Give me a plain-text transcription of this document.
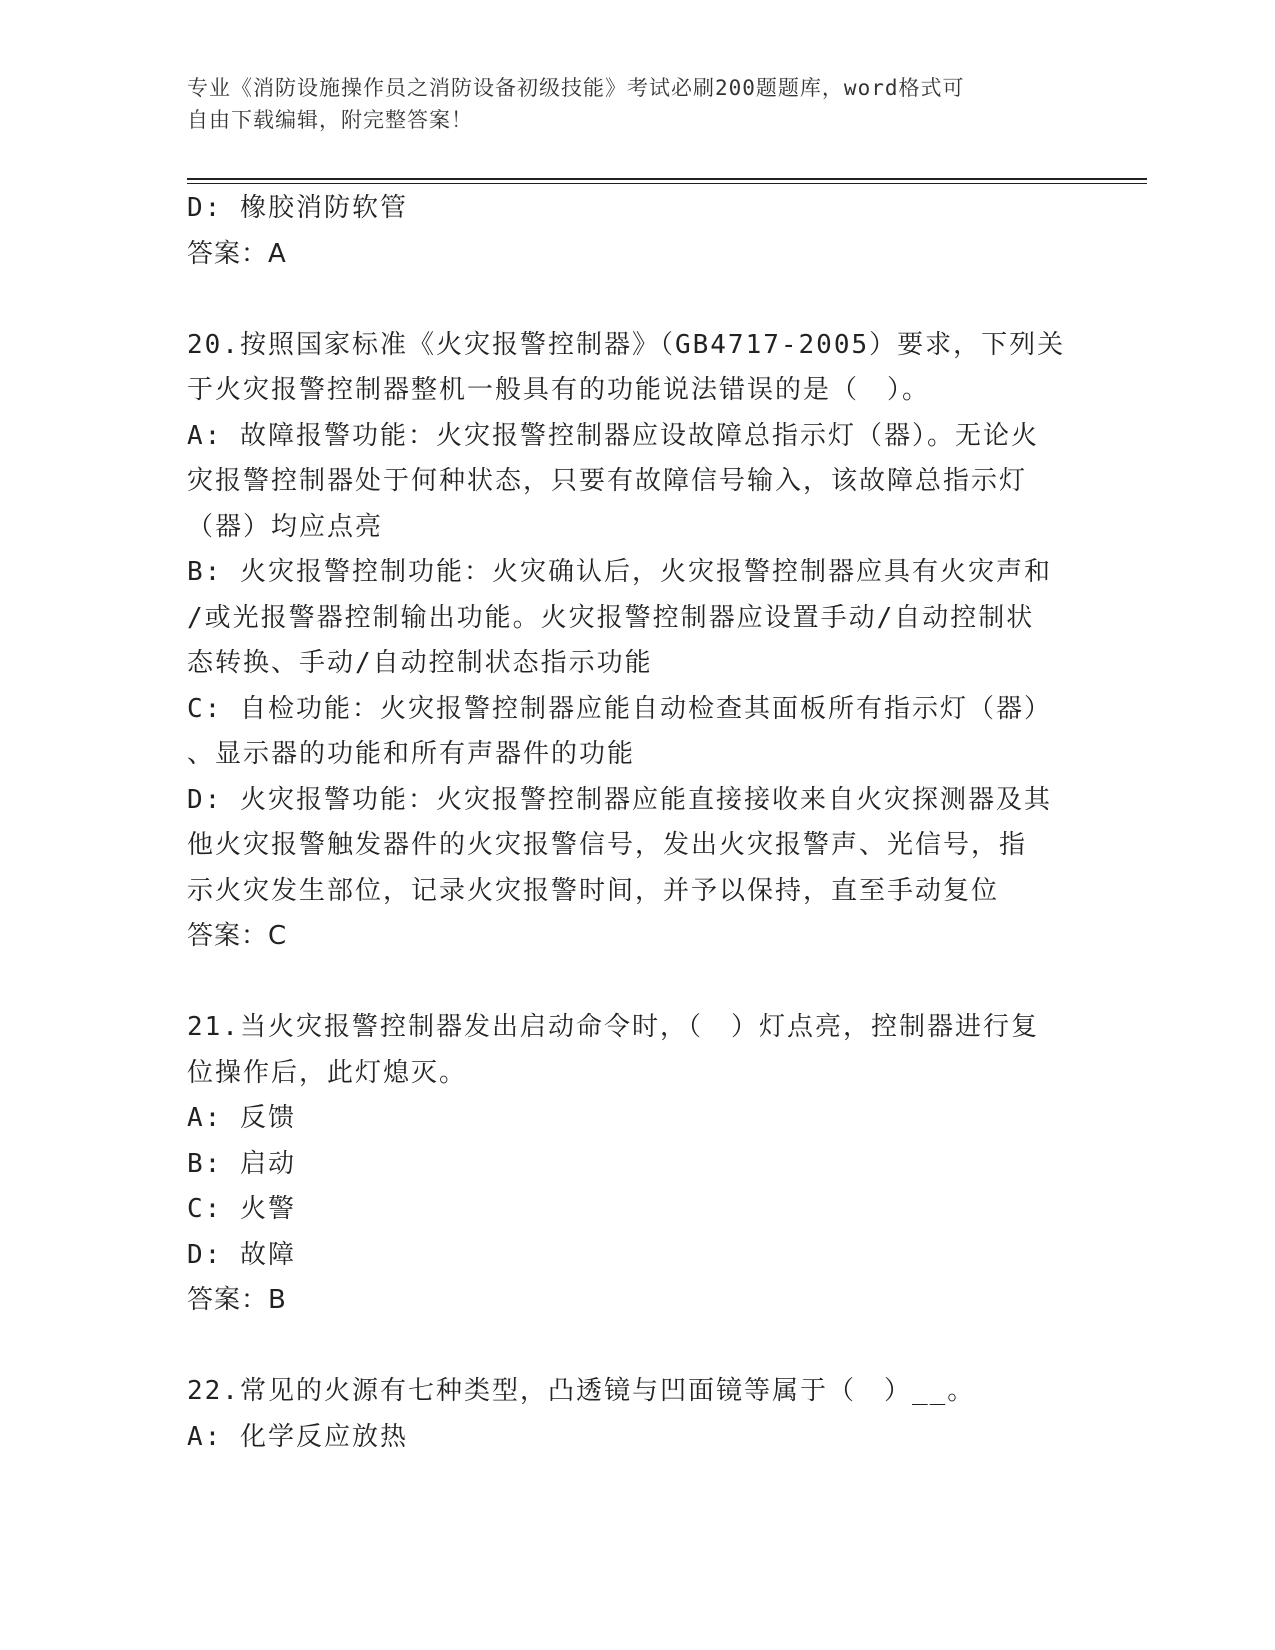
专业《消防设施操作员之消防设备初级技能》考试必刷200题题库，word格式可
自由下载编辑，附完整答案！
D: 橡胶消防软管
答案：A
20.按照国家标准《火灾报警控制器》（GB4717-2005）要求，下列关
于火灾报警控制器整机一般具有的功能说法错误的是（　）。
A: 故障报警功能：火灾报警控制器应设故障总指示灯（器）。无论火
灾报警控制器处于何种状态，只要有故障信号输入，该故障总指示灯
（器）均应点亮
B: 火灾报警控制功能：火灾确认后，火灾报警控制器应具有火灾声和
/或光报警器控制输出功能。火灾报警控制器应设置手动/自动控制状
态转换、手动/自动控制状态指示功能
C: 自检功能：火灾报警控制器应能自动检查其面板所有指示灯（器）
、显示器的功能和所有声器件的功能
D: 火灾报警功能：火灾报警控制器应能直接接收来自火灾探测器及其
他火灾报警触发器件的火灾报警信号，发出火灾报警声、光信号，指
示火灾发生部位，记录火灾报警时间，并予以保持，直至手动复位
答案：C
21.当火灾报警控制器发出启动命令时，（　）灯点亮，控制器进行复
位操作后，此灯熄灭。
A: 反馈
B: 启动
C: 火警
D: 故障
答案：B
22.常见的火源有七种类型，凸透镜与凹面镜等属于（　）__。
A: 化学反应放热
